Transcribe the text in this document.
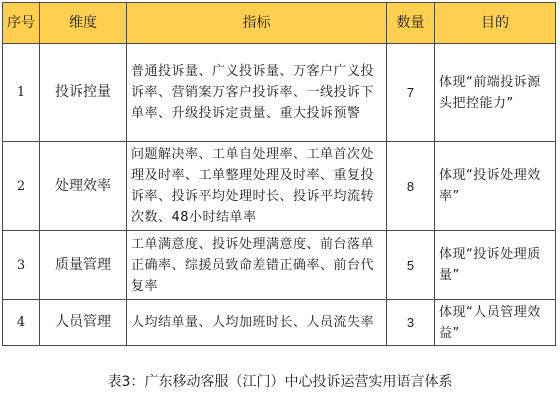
序号	维度	指标	数量	目的
1	投诉控量	普通投诉量、广义投诉量、万客户广义投诉率、营销案万客户投诉率、一线投诉下单率、升级投诉定责量、重大投诉预警	7	体现“前端投诉源头把控能力”
2	处理效率	问题解决率、工单自处理率、工单首次处理及时率、工单整理处理及时率、重复投诉率、投诉平均处理时长、投诉平均流转次数、48小时结单率	8	体现“投诉处理效率”
3	质量管理	工单满意度、投诉处理满意度、前台落单正确率、综援员致命差错正确率、前台代复率	5	体现“投诉处理质量”
4	人员管理	人均结单量、人均加班时长、人员流失率	3	体现“人员管理效益”
表3：广东移动客服（江门）中心投诉运营实用语言体系
